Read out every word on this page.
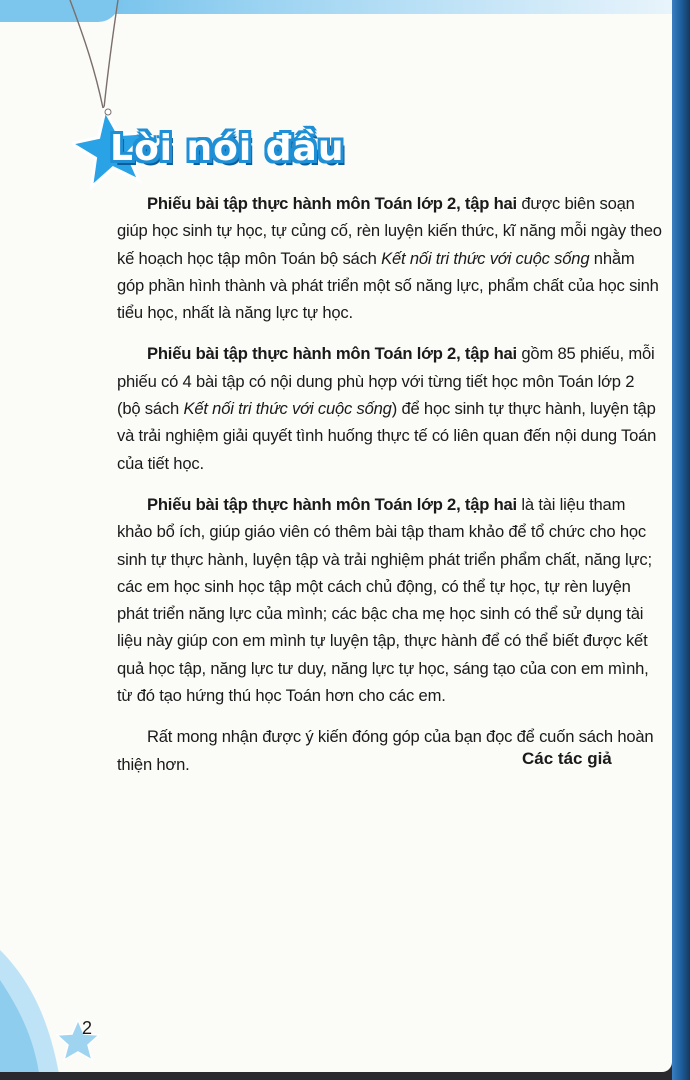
Lời nói đầu

Phiếu bài tập thực hành môn Toán lớp 2, tập hai được biên soạn giúp học sinh tự học, tự củng cố, rèn luyện kiến thức, kĩ năng mỗi ngày theo kế hoạch học tập môn Toán bộ sách Kết nối tri thức với cuộc sống nhằm góp phần hình thành và phát triển một số năng lực, phẩm chất của học sinh tiểu học, nhất là năng lực tự học.

Phiếu bài tập thực hành môn Toán lớp 2, tập hai gồm 85 phiếu, mỗi phiếu có 4 bài tập có nội dung phù hợp với từng tiết học môn Toán lớp 2 (bộ sách Kết nối tri thức với cuộc sống) để học sinh tự thực hành, luyện tập và trải nghiệm giải quyết tình huống thực tế có liên quan đến nội dung Toán của tiết học.

Phiếu bài tập thực hành môn Toán lớp 2, tập hai là tài liệu tham khảo bổ ích, giúp giáo viên có thêm bài tập tham khảo để tổ chức cho học sinh tự thực hành, luyện tập và trải nghiệm phát triển phẩm chất, năng lực; các em học sinh học tập một cách chủ động, có thể tự học, tự rèn luyện phát triển năng lực của mình; các bậc cha mẹ học sinh có thể sử dụng tài liệu này giúp con em mình tự luyện tập, thực hành để có thể biết được kết quả học tập, năng lực tư duy, năng lực tự học, sáng tạo của con em mình, từ đó tạo hứng thú học Toán hơn cho các em.

Rất mong nhận được ý kiến đóng góp của bạn đọc để cuốn sách hoàn thiện hơn.	Các tác giả
2
